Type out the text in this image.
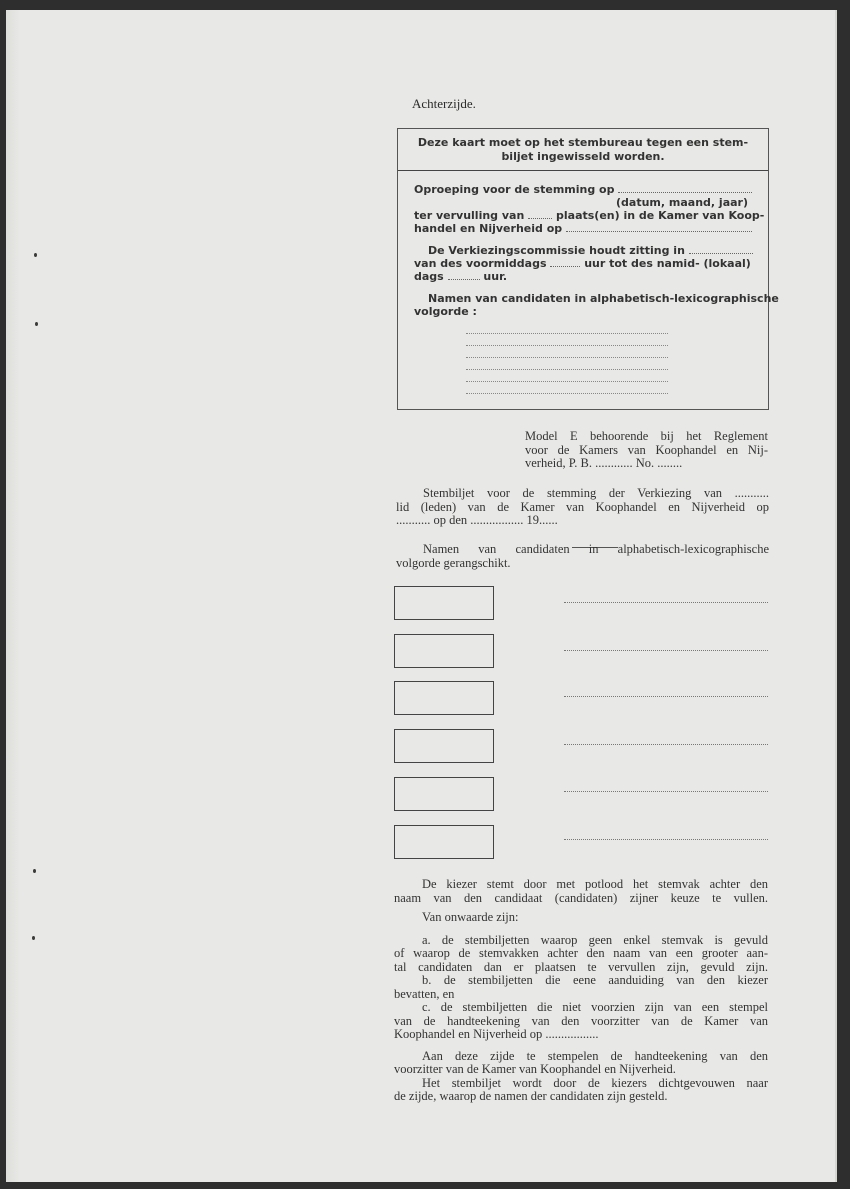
Achterzijde.
Deze kaart moet op het stembureau tegen een stem-
biljet ingewisseld worden.
Oproeping voor de stemming op
(datum, maand, jaar)
ter vervulling van	plaats(en) in de Kamer van Koop-
handel en Nijverheid op
De Verkiezingscommissie houdt zitting in
van des voormiddags	uur tot des namid- (lokaal)
dags	uur.
Namen van candidaten in alphabetisch-lexicographische
volgorde :
Model E behoorende bij het Reglement
voor de Kamers van Koophandel en Nij-
verheid, P. B. ............ No. ........
Stembiljet voor de stemming der Verkiezing van ...........
lid (leden) van de Kamer van Koophandel en Nijverheid op
........... op den ................. 19......
Namen van candidaten in alphabetisch-lexicographische
volgorde gerangschikt.
De kiezer stemt door met potlood het stemvak achter den
naam van den candidaat (candidaten) zijner keuze te vullen.
Van onwaarde zijn:
a. de stembiljetten waarop geen enkel stemvak is gevuld
of waarop de stemvakken achter den naam van een grooter aan-
tal candidaten dan er plaatsen te vervullen zijn, gevuld zijn.
b. de stembiljetten die eene aanduiding van den kiezer
bevatten, en
c. de stembiljetten die niet voorzien zijn van een stempel
van de handteekening van den voorzitter van de Kamer van
Koophandel en Nijverheid op .................
Aan deze zijde te stempelen de handteekening van den
voorzitter van de Kamer van Koophandel en Nijverheid.
Het stembiljet wordt door de kiezers dichtgevouwen naar
de zijde, waarop de namen der candidaten zijn gesteld.
